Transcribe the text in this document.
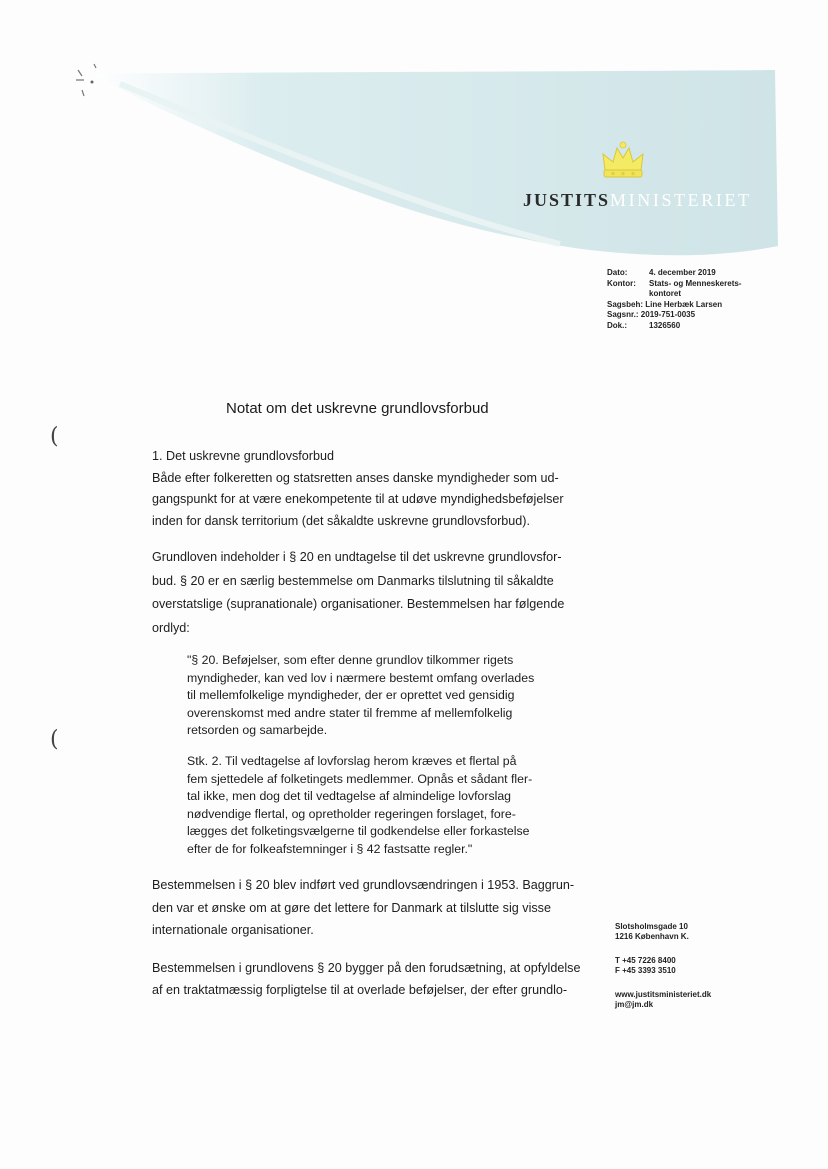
JUSTITSMINISTERIET
Dato:	4. december 2019
Kontor:	Stats- og Menneskerets-
kontoret
Sagsbeh: Line Herbæk Larsen
Sagsnr.: 2019-751-0035
Dok.:	1326560
Notat om det uskrevne grundlovsforbud
(
(
1. Det uskrevne grundlovsforbud
Både efter folkeretten og statsretten anses danske myndigheder som ud-
gangspunkt for at være enekompetente til at udøve myndighedsbeføjelser
inden for dansk territorium (det såkaldte uskrevne grundlovsforbud).
Grundloven indeholder i § 20 en undtagelse til det uskrevne grundlovsfor-
bud. § 20 er en særlig bestemmelse om Danmarks tilslutning til såkaldte
overstatslige (supranationale) organisationer. Bestemmelsen har følgende
ordlyd:
"§ 20. Beføjelser, som efter denne grundlov tilkommer rigets
myndigheder, kan ved lov i nærmere bestemt omfang overlades
til mellemfolkelige myndigheder, der er oprettet ved gensidig
overenskomst med andre stater til fremme af mellemfolkelig
retsorden og samarbejde.
Stk. 2. Til vedtagelse af lovforslag herom kræves et flertal på
fem sjettedele af folketingets medlemmer. Opnås et sådant fler-
tal ikke, men dog det til vedtagelse af almindelige lovforslag
nødvendige flertal, og opretholder regeringen forslaget, fore-
lægges det folketingsvælgerne til godkendelse eller forkastelse
efter de for folkeafstemninger i § 42 fastsatte regler."
Bestemmelsen i § 20 blev indført ved grundlovsændringen i 1953. Baggrun-
den var et ønske om at gøre det lettere for Danmark at tilslutte sig visse
internationale organisationer.
Bestemmelsen i grundlovens § 20 bygger på den forudsætning, at opfyldelse
af en traktatmæssig forpligtelse til at overlade beføjelser, der efter grundlo-
Slotsholmsgade 10
1216 København K.
T +45 7226 8400
F +45 3393 3510
www.justitsministeriet.dk
jm@jm.dk
